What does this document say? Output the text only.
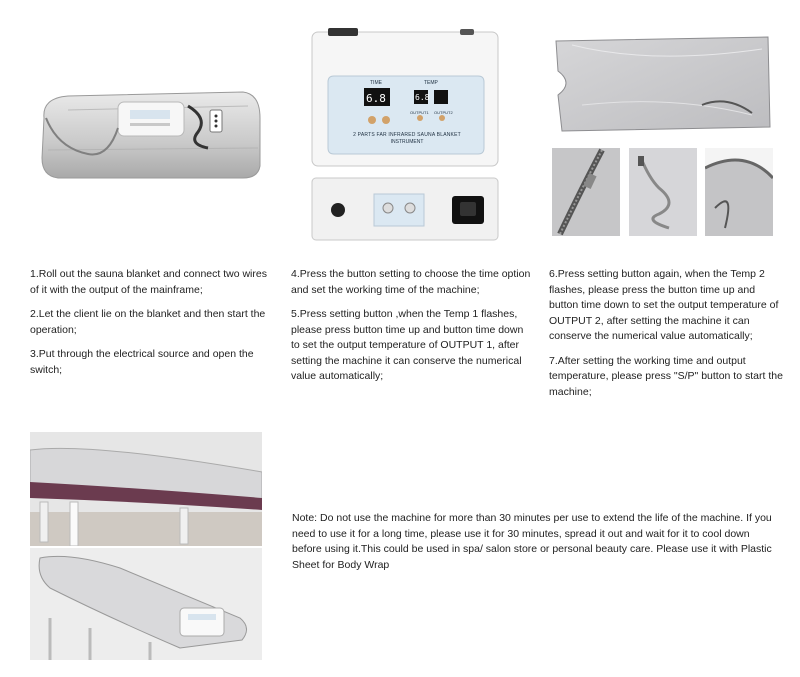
6.8	6.8
TIME	TEMP
OUTPUT1 OUTPUT2
2 PARTS FAR INFRARED SAUNA BLANKET
INSTRUMENT

1.Roll out the sauna blanket and connect two wires of it with the output of the mainframe;

2.Let the client lie on the blanket and then start the operation;

3.Put through the electrical source and open the switch;

4.Press the button setting to choose the time option and set the working time of the machine;

5.Press setting button ,when the Temp 1 flashes, please press button time up and button time down to set the output temperature of OUTPUT 1, after setting the machine it can conserve the numerical value automatically;

6.Press setting button again, when the Temp 2 flashes, please press the button time up and button time down to set the output temperature of OUTPUT 2, after setting the machine it can conserve the numerical value automatically;

7.After setting the working time and output temperature, please press "S/P" button to start the machine;

Note: Do not use the machine for more than 30 minutes per use to extend the life of the machine. If you need to use it for a long time, please use it for 30 minutes, spread it out and wait for it to cool down before using it.This could be used in spa/ salon store or personal beauty care. Please use it with Plastic Sheet for Body Wrap
